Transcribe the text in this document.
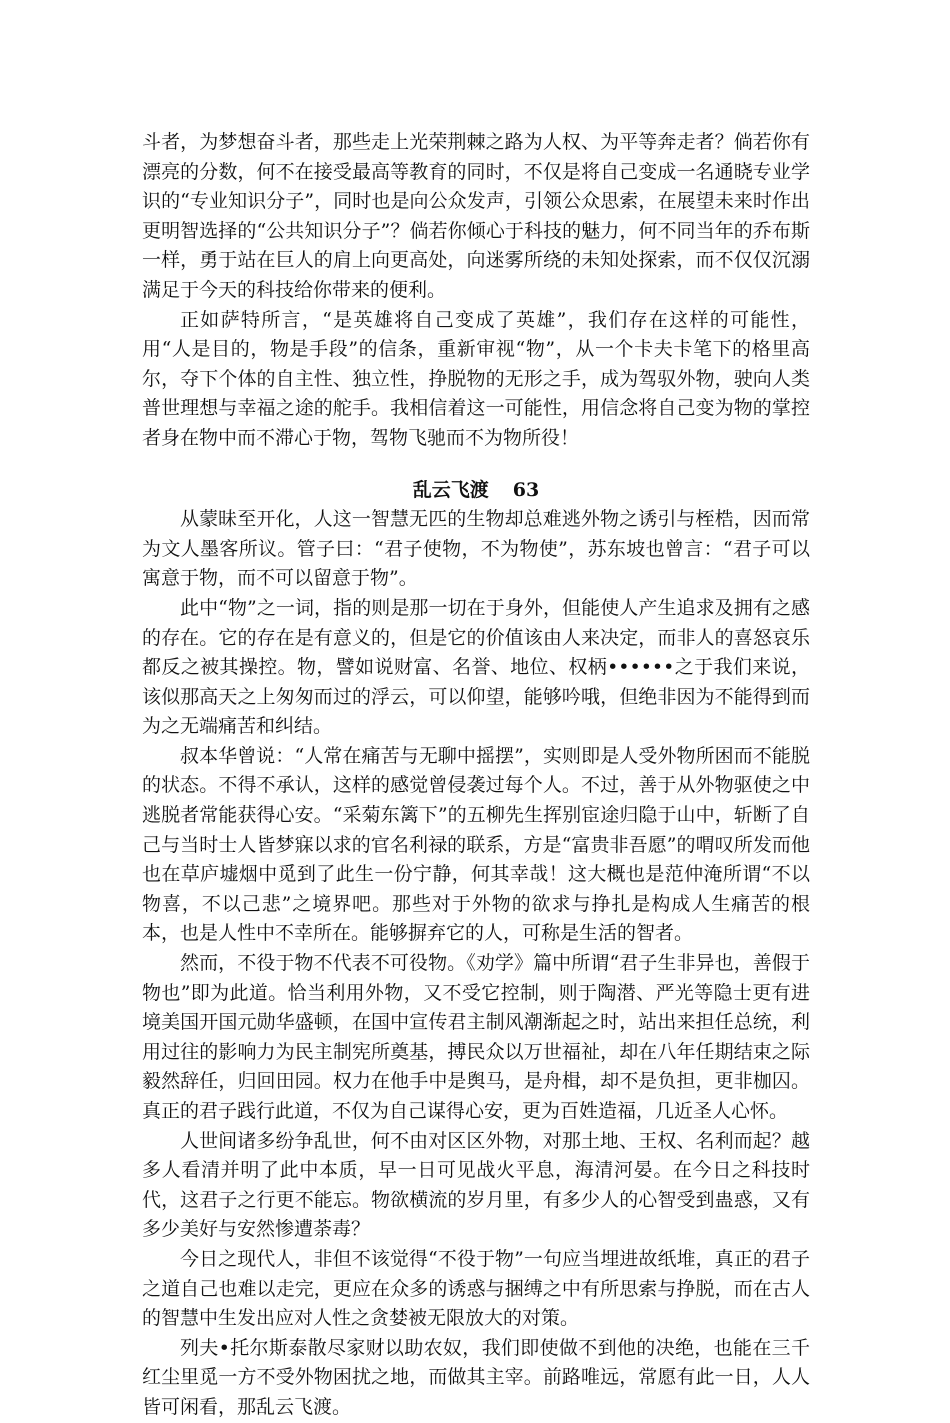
斗者，为梦想奋斗者，那些走上光荣荆棘之路为人权、为平等奔走者？倘若你有漂亮的分数，何不在接受最高等教育的同时，不仅是将自己变成一名通晓专业学识的“专业知识分子”，同时也是向公众发声，引领公众思索，在展望未来时作出更明智选择的“公共知识分子”？倘若你倾心于科技的魅力，何不同当年的乔布斯一样，勇于站在巨人的肩上向更高处，向迷雾所绕的未知处探索，而不仅仅沉溺满足于今天的科技给你带来的便利。

正如萨特所言，“是英雄将自己变成了英雄”，我们存在这样的可能性，用“人是目的，物是手段”的信条，重新审视“物”，从一个卡夫卡笔下的格里高尔，夺下个体的自主性、独立性，挣脱物的无形之手，成为驾驭外物，驶向人类普世理想与幸福之途的舵手。我相信着这一可能性，用信念将自己变为物的掌控者身在物中而不滞心于物，驾物飞驰而不为物所役！

乱云飞渡 63

从蒙昧至开化，人这一智慧无匹的生物却总难逃外物之诱引与桎梏，因而常为文人墨客所议。管子曰：“君子使物，不为物使”，苏东坡也曾言：“君子可以寓意于物，而不可以留意于物”。

此中“物”之一词，指的则是那一切在于身外，但能使人产生追求及拥有之感的存在。它的存在是有意义的，但是它的价值该由人来决定，而非人的喜怒哀乐都反之被其操控。物，譬如说财富、名誉、地位、权柄••••••之于我们来说，该似那高天之上匆匆而过的浮云，可以仰望，能够吟哦，但绝非因为不能得到而为之无端痛苦和纠结。

叔本华曾说：“人常在痛苦与无聊中摇摆”，实则即是人受外物所困而不能脱的状态。不得不承认，这样的感觉曾侵袭过每个人。不过，善于从外物驱使之中逃脱者常能获得心安。“采菊东篱下”的五柳先生挥别宦途归隐于山中，斩断了自己与当时士人皆梦寐以求的官名利禄的联系，方是“富贵非吾愿”的喟叹所发而他也在草庐墟烟中觅到了此生一份宁静，何其幸哉！这大概也是范仲淹所谓“不以物喜，不以己悲”之境界吧。那些对于外物的欲求与挣扎是构成人生痛苦的根本，也是人性中不幸所在。能够摒弃它的人，可称是生活的智者。

然而，不役于物不代表不可役物。《劝学》篇中所谓“君子生非异也，善假于物也”即为此道。恰当利用外物，又不受它控制，则于陶潜、严光等隐士更有进境美国开国元勋华盛顿，在国中宣传君主制风潮渐起之时，站出来担任总统，利用过往的影响力为民主制宪所奠基，搏民众以万世福祉，却在八年任期结束之际毅然辞任，归回田园。权力在他手中是舆马，是舟楫，却不是负担，更非枷囚。真正的君子践行此道，不仅为自己谋得心安，更为百姓造福，几近圣人心怀。

人世间诸多纷争乱世，何不由对区区外物，对那土地、王权、名利而起？越多人看清并明了此中本质，早一日可见战火平息，海清河晏。在今日之科技时代，这君子之行更不能忘。物欲横流的岁月里，有多少人的心智受到蛊惑，又有多少美好与安然惨遭荼毒？

今日之现代人，非但不该觉得“不役于物”一句应当埋进故纸堆，真正的君子之道自己也难以走完，更应在众多的诱惑与捆缚之中有所思索与挣脱，而在古人的智慧中生发出应对人性之贪婪被无限放大的对策。

列夫•托尔斯泰散尽家财以助农奴，我们即使做不到他的决绝，也能在三千红尘里觅一方不受外物困扰之地，而做其主宰。前路唯远，常愿有此一日，人人皆可闲看，那乱云飞渡。
